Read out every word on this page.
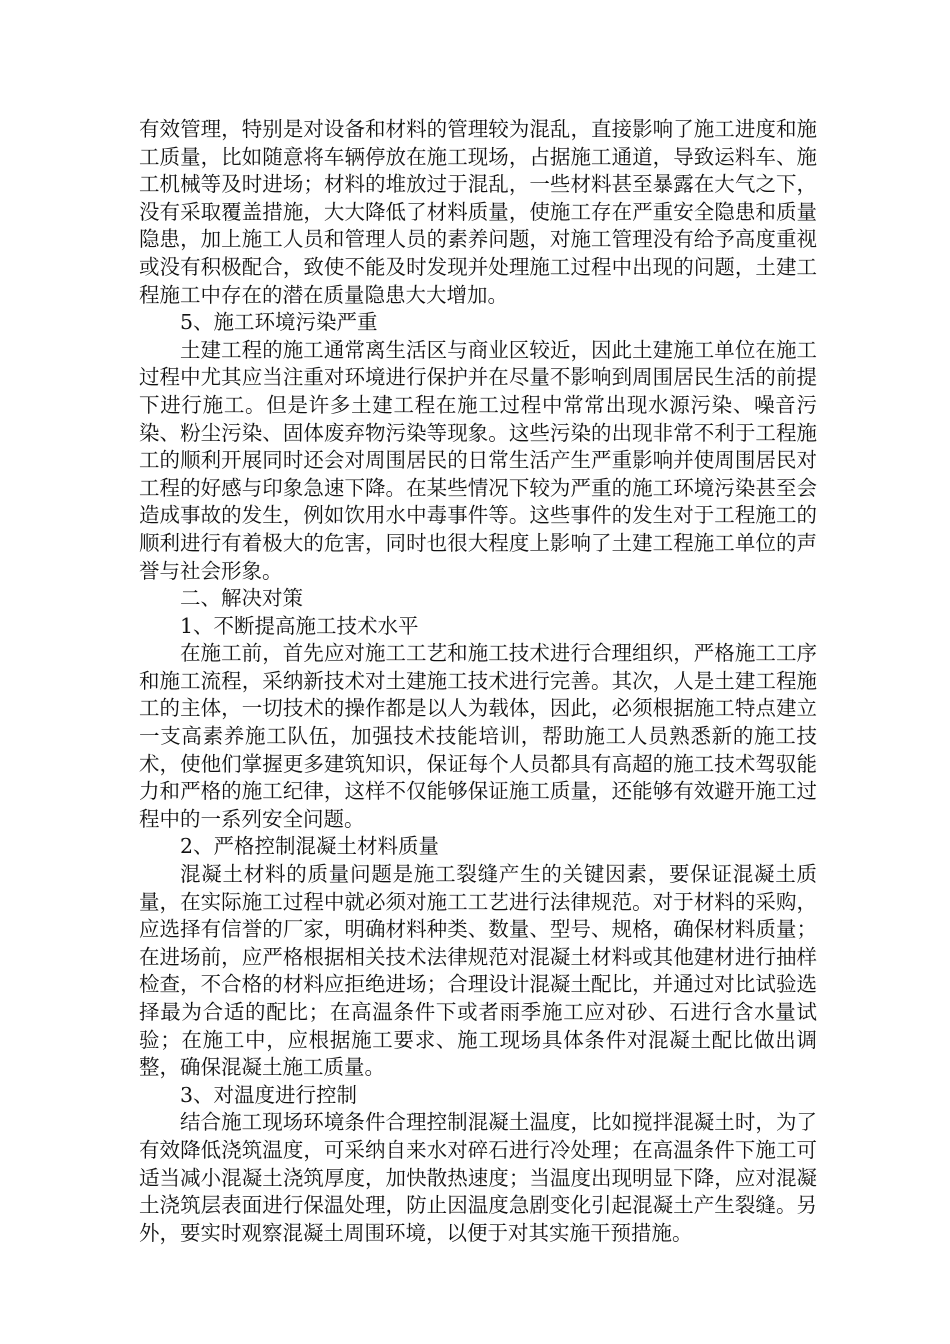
有效管理，特别是对设备和材料的管理较为混乱，直接影响了施工进度和施工质量，比如随意将车辆停放在施工现场，占据施工通道，导致运料车、施工机械等及时进场；材料的堆放过于混乱，一些材料甚至暴露在大气之下，没有采取覆盖措施，大大降低了材料质量，使施工存在严重安全隐患和质量隐患，加上施工人员和管理人员的素养问题，对施工管理没有给予高度重视或没有积极配合，致使不能及时发现并处理施工过程中出现的问题，土建工程施工中存在的潜在质量隐患大大增加。

5、施工环境污染严重

土建工程的施工通常离生活区与商业区较近，因此土建施工单位在施工过程中尤其应当注重对环境进行保护并在尽量不影响到周围居民生活的前提下进行施工。但是许多土建工程在施工过程中常常出现水源污染、噪音污染、粉尘污染、固体废弃物污染等现象。这些污染的出现非常不利于工程施工的顺利开展同时还会对周围居民的日常生活产生严重影响并使周围居民对工程的好感与印象急速下降。在某些情况下较为严重的施工环境污染甚至会造成事故的发生，例如饮用水中毒事件等。这些事件的发生对于工程施工的顺利进行有着极大的危害，同时也很大程度上影响了土建工程施工单位的声誉与社会形象。

二、解决对策

1、不断提高施工技术水平

在施工前，首先应对施工工艺和施工技术进行合理组织，严格施工工序和施工流程，采纳新技术对土建施工技术进行完善。其次，人是土建工程施工的主体，一切技术的操作都是以人为载体，因此，必须根据施工特点建立一支高素养施工队伍，加强技术技能培训，帮助施工人员熟悉新的施工技术，使他们掌握更多建筑知识，保证每个人员都具有高超的施工技术驾驭能力和严格的施工纪律，这样不仅能够保证施工质量，还能够有效避开施工过程中的一系列安全问题。

2、严格控制混凝土材料质量

混凝土材料的质量问题是施工裂缝产生的关键因素，要保证混凝土质量，在实际施工过程中就必须对施工工艺进行法律规范。对于材料的采购，应选择有信誉的厂家，明确材料种类、数量、型号、规格，确保材料质量；在进场前，应严格根据相关技术法律规范对混凝土材料或其他建材进行抽样检查，不合格的材料应拒绝进场；合理设计混凝土配比，并通过对比试验选择最为合适的配比；在高温条件下或者雨季施工应对砂、石进行含水量试验；在施工中，应根据施工要求、施工现场具体条件对混凝土配比做出调整，确保混凝土施工质量。

3、对温度进行控制

结合施工现场环境条件合理控制混凝土温度，比如搅拌混凝土时，为了有效降低浇筑温度，可采纳自来水对碎石进行冷处理；在高温条件下施工可适当减小混凝土浇筑厚度，加快散热速度；当温度出现明显下降，应对混凝土浇筑层表面进行保温处理，防止因温度急剧变化引起混凝土产生裂缝。另外，要实时观察混凝土周围环境，以便于对其实施干预措施。
